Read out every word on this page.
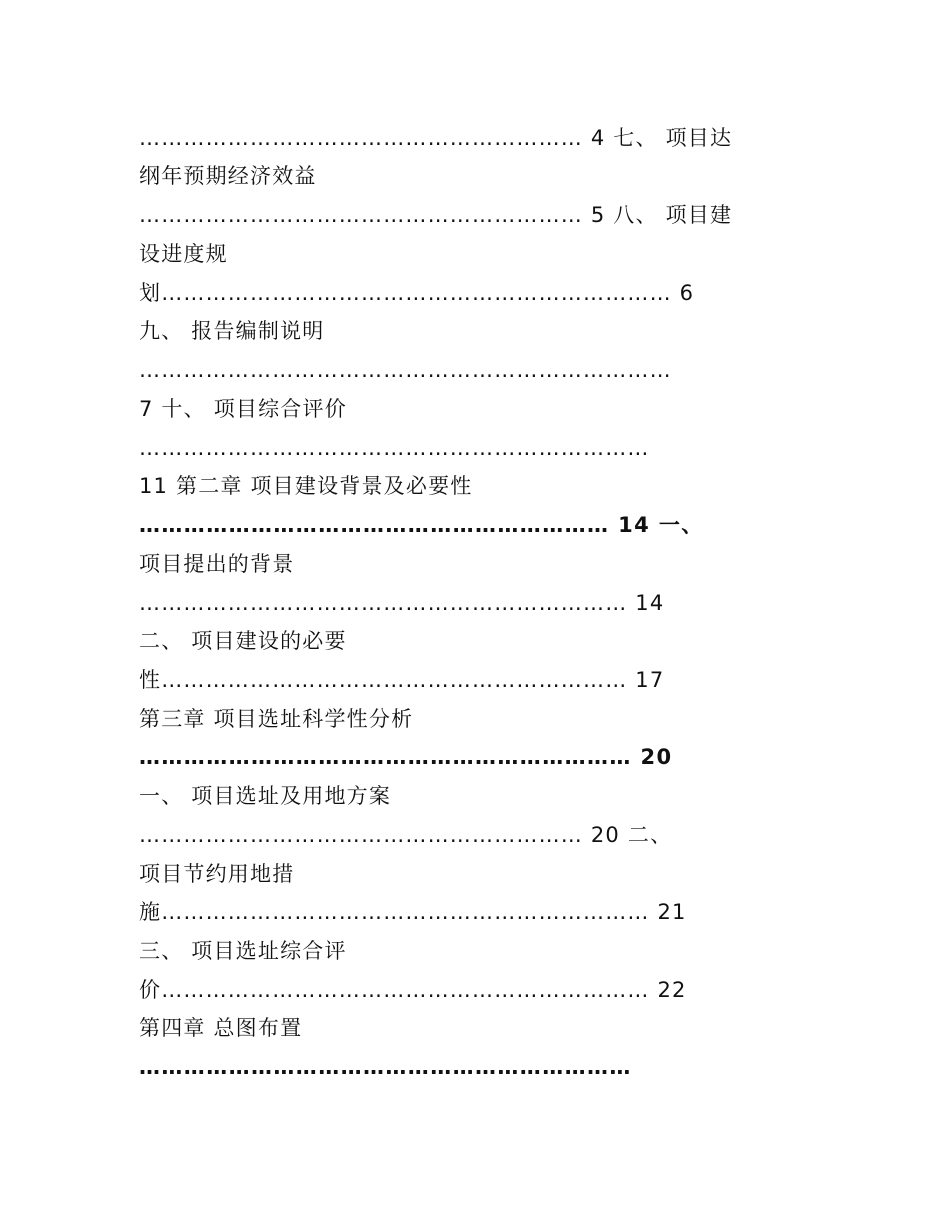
…………………………………………………… 4 七、 项目达
纲年预期经济效益
…………………………………………………… 5 八、 项目建
设进度规
划…………………………………………………………… 6
九、 报告编制说明
………………………………………………………………
7 十、 项目综合评价
……………………………………………………………
11 第二章 项目建设背景及必要性
……………………………………………………… 14 一、
项目提出的背景
………………………………………………………… 14
二、 项目建设的必要
性……………………………………………………… 17
第三章 项目选址科学性分析
………………………………………………………… 20
一、 项目选址及用地方案
…………………………………………………… 20 二、
项目节约用地措
施………………………………………………………… 21
三、 项目选址综合评
价………………………………………………………… 22
第四章 总图布置
…………………………………………………………
